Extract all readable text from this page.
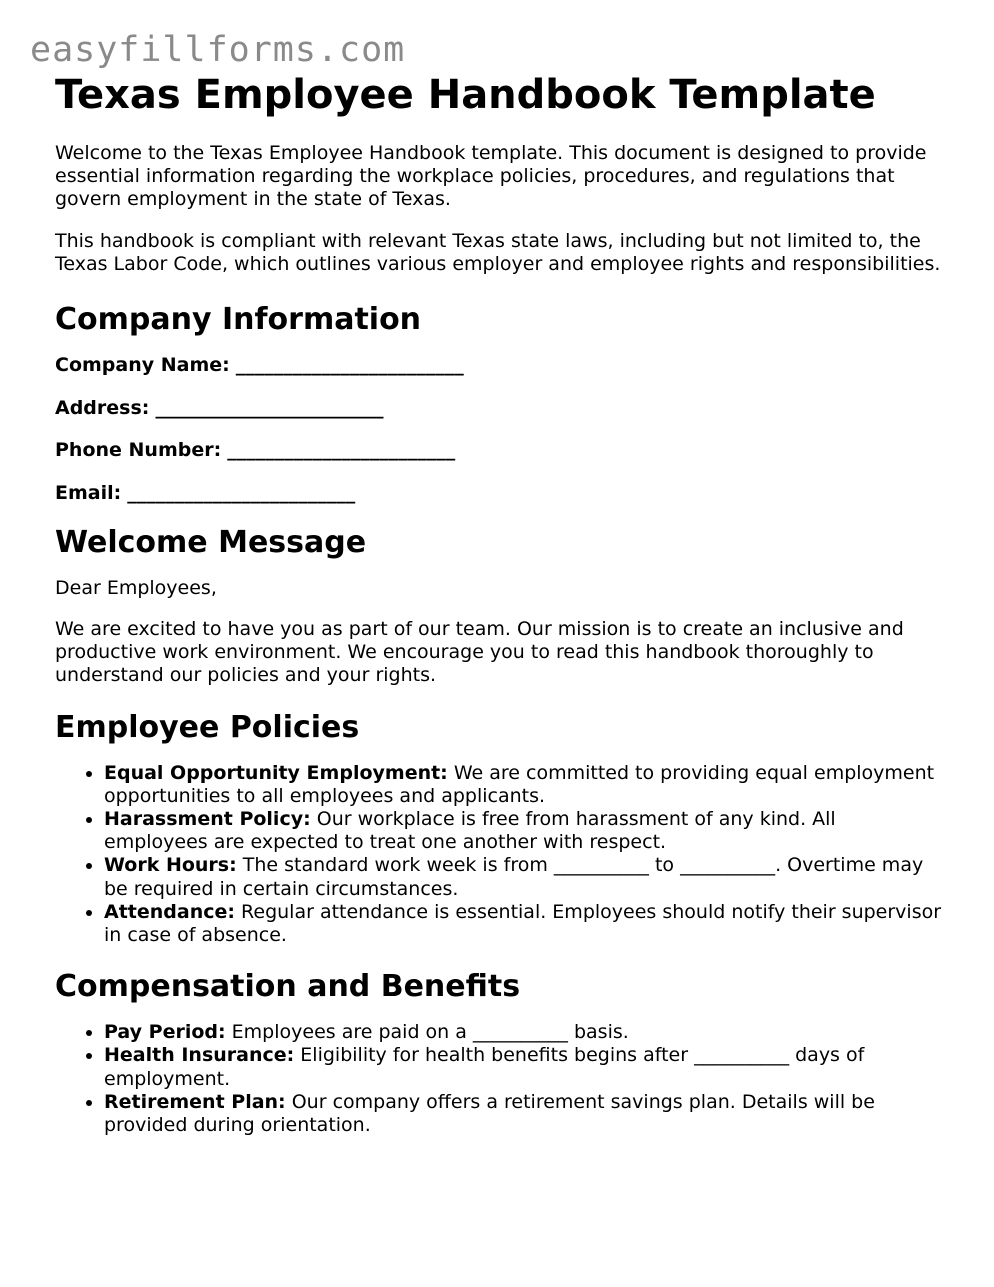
easyfillforms.com
Texas Employee Handbook Template

Welcome to the Texas Employee Handbook template. This document is designed to provide essential information regarding the workplace policies, procedures, and regulations that govern employment in the state of Texas.

This handbook is compliant with relevant Texas state laws, including but not limited to, the Texas Labor Code, which outlines various employer and employee rights and responsibilities.

Company Information

Company Name: ________________________

Address: ________________________

Phone Number: ________________________

Email: ________________________

Welcome Message

Dear Employees,

We are excited to have you as part of our team. Our mission is to create an inclusive and productive work environment. We encourage you to read this handbook thoroughly to understand our policies and your rights.

Employee Policies
• Equal Opportunity Employment: We are committed to providing equal employment opportunities to all employees and applicants.
• Harassment Policy: Our workplace is free from harassment of any kind. All employees are expected to treat one another with respect.
• Work Hours: The standard work week is from __________ to __________. Overtime may be required in certain circumstances.
• Attendance: Regular attendance is essential. Employees should notify their supervisor in case of absence.
Compensation and Benefits
• Pay Period: Employees are paid on a __________ basis.
• Health Insurance: Eligibility for health benefits begins after __________ days of employment.
• Retirement Plan: Our company offers a retirement savings plan. Details will be provided during orientation.
